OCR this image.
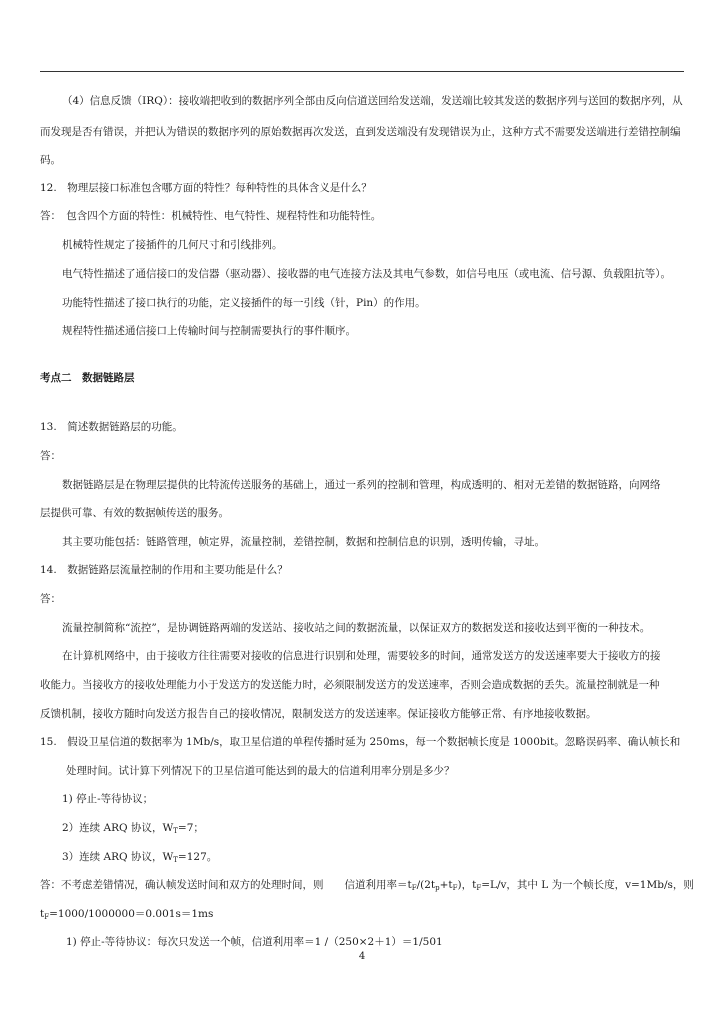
（4）信息反馈（IRQ）：接收端把收到的数据序列全部由反向信道送回给发送端，发送端比较其发送的数据序列与送回的数据序列，从
而发现是否有错误，并把认为错误的数据序列的原始数据再次发送，直到发送端没有发现错误为止，这种方式不需要发送端进行差错控制编
码。
12.　物理层接口标准包含哪方面的特性？每种特性的具体含义是什么？
答：　包含四个方面的特性：机械特性、电气特性、规程特性和功能特性。
机械特性规定了接插件的几何尺寸和引线排列。
电气特性描述了通信接口的发信器（驱动器）、接收器的电气连接方法及其电气参数，如信号电压（或电流、信号源、负载阻抗等）。
功能特性描述了接口执行的功能，定义接插件的每一引线（针，Pin）的作用。
规程特性描述通信接口上传输时间与控制需要执行的事件顺序。
考点二　数据链路层
13.　简述数据链路层的功能。
答：
数据链路层是在物理层提供的比特流传送服务的基础上，通过一系列的控制和管理，构成透明的、相对无差错的数据链路，向网络
层提供可靠、有效的数据帧传送的服务。
其主要功能包括：链路管理，帧定界，流量控制，差错控制，数据和控制信息的识别，透明传输，寻址。
14.　数据链路层流量控制的作用和主要功能是什么？
答：
流量控制简称“流控”，是协调链路两端的发送站、接收站之间的数据流量，以保证双方的数据发送和接收达到平衡的一种技术。
在计算机网络中，由于接收方往往需要对接收的信息进行识别和处理，需要较多的时间，通常发送方的发送速率要大于接收方的接
收能力。当接收方的接收处理能力小于发送方的发送能力时，必须限制发送方的发送速率，否则会造成数据的丢失。流量控制就是一种
反馈机制，接收方随时向发送方报告自己的接收情况，限制发送方的发送速率。保证接收方能够正常、有序地接收数据。
15.　假设卫星信道的数据率为 1Mb/s，取卫星信道的单程传播时延为 250ms，每一个数据帧长度是 1000bit。忽略误码率、确认帧长和
处理时间。试计算下列情况下的卫星信道可能达到的最大的信道利用率分别是多少？
1) 停止-等待协议；
2）连续 ARQ 协议，$W_T=7$；
3）连续 ARQ 协议，$W_T=127$。
答：不考虑差错情况，确认帧发送时间和双方的处理时间，则　　信道利用率$=t_F/(2t_p+t_F)$，$t_F=L/v$，其中 L 为一个帧长度，v=1Mb/s，则
$t_F=1000/1000000=0.001s=1ms$
1) 停止-等待协议：每次只发送一个帧，信道利用率＝1 /（250×2＋1）＝1/501
4
